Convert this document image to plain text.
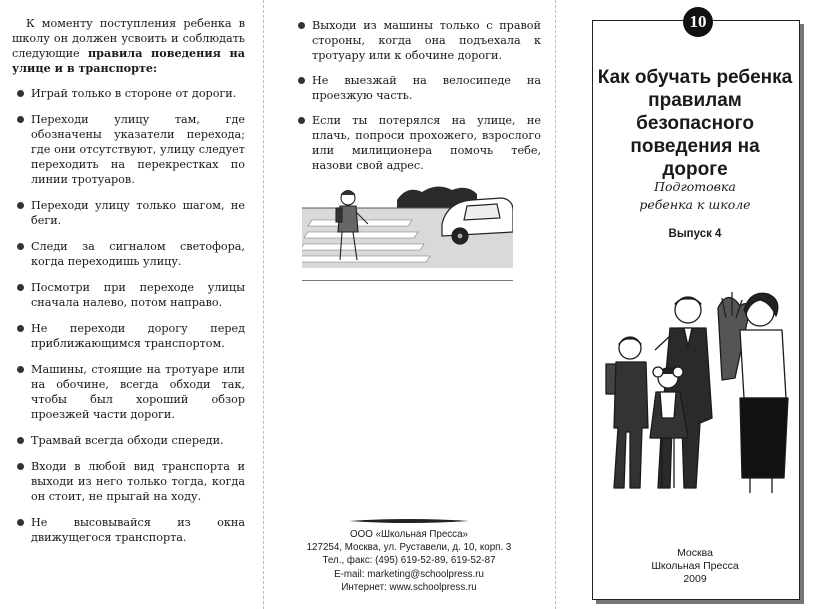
К моменту поступления ребенка в школу он должен усвоить и соблюдать следующие правила поведения на улице и в транспорте:

Играй только в стороне от дороги.
Переходи улицу там, где обозначены указатели перехода; где они отсутствуют, улицу следует переходить на перекрестках по линии тротуаров.
Переходи улицу только шагом, не беги.
Следи за сигналом светофора, когда переходишь улицу.
Посмотри при переходе улицы сначала налево, потом направо.
Не переходи дорогу перед приближающимся транспортом.
Машины, стоящие на тротуаре или на обочине, всегда обходи так, чтобы был хороший обзор проезжей части дороги.
Трамвай всегда обходи спереди.
Входи в любой вид транспорта и выходи из него только тогда, когда он стоит, не прыгай на ходу.
Не высовывайся из окна движущегося транспорта.
Выходи из машины только с правой стороны, когда она подъехала к тротуару или к обочине дороги.
Не выезжай на велосипеде на проезжую часть.
Если ты потерялся на улице, не плачь, попроси прохожего, взрослого или милиционера помочь тебе, назови свой адрес.
ООО «Школьная Пресса»
127254, Москва, ул. Руставели, д. 10, корп. 3
Тел., факс: (495) 619-52-89, 619-52-87
E-mail: marketing@schoolpress.ru
Интернет: www.schoolpress.ru
10
Как обучать ребенка правилам безопасного поведения на дороге
Подготовка
ребенка к школе
Выпуск 4
Москва
Школьная Пресса
2009
